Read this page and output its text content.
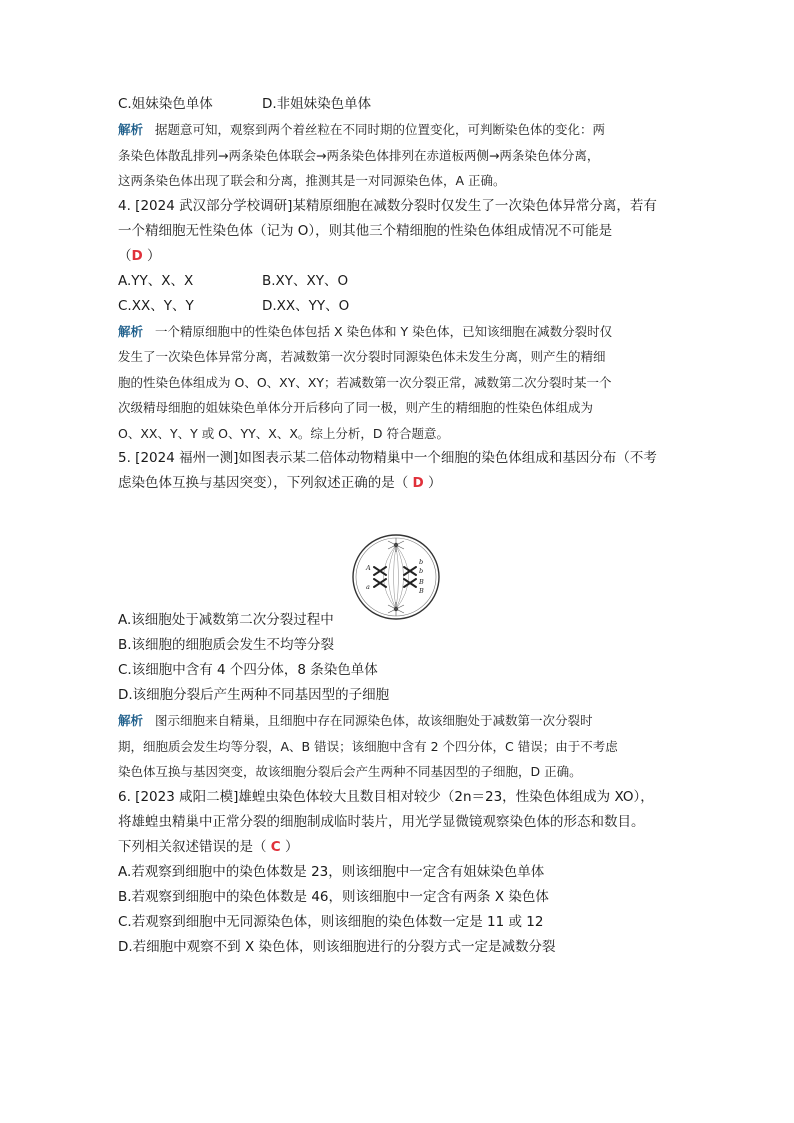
C.姐妹染色单体	D.非姐妹染色单体
解析 据题意可知，观察到两个着丝粒在不同时期的位置变化，可判断染色体的变化：两
条染色体散乱排列→两条染色体联会→两条染色体排列在赤道板两侧→两条染色体分离，
这两条染色体出现了联会和分离，推测其是一对同源染色体，A 正确。
4. [2024 武汉部分学校调研]某精原细胞在减数分裂时仅发生了一次染色体异常分离，若有
一个精细胞无性染色体（记为 O），则其他三个精细胞的性染色体组成情况不可能是
（D ）
A.YY、X、X	B.XY、XY、O
C.XX、Y、Y	D.XX、YY、O
解析 一个精原细胞中的性染色体包括 X 染色体和 Y 染色体，已知该细胞在减数分裂时仅
发生了一次染色体异常分离，若减数第一次分裂时同源染色体未发生分离，则产生的精细
胞的性染色体组成为 O、O、XY、XY；若减数第一次分裂正常，减数第二次分裂时某一个
次级精母细胞的姐妹染色单体分开后移向了同一极，则产生的精细胞的性染色体组成为
O、XX、Y、Y 或 O、YY、X、X。综上分析，D 符合题意。
5. [2024 福州一测]如图表示某二倍体动物精巢中一个细胞的染色体组成和基因分布（不考
虑染色体互换与基因突变），下列叙述正确的是（ D ）
A.该细胞处于减数第二次分裂过程中
B.该细胞的细胞质会发生不均等分裂
C.该细胞中含有 4 个四分体，8 条染色单体
D.该细胞分裂后产生两种不同基因型的子细胞
解析 图示细胞来自精巢，且细胞中存在同源染色体，故该细胞处于减数第一次分裂时
期，细胞质会发生均等分裂，A、B 错误；该细胞中含有 2 个四分体，C 错误；由于不考虑
染色体互换与基因突变，故该细胞分裂后会产生两种不同基因型的子细胞，D 正确。
6. [2023 咸阳二模]雄蝗虫染色体较大且数目相对较少（2n＝23，性染色体组成为 XO），
将雄蝗虫精巢中正常分裂的细胞制成临时装片，用光学显微镜观察染色体的形态和数目。
下列相关叙述错误的是（ C ）
A.若观察到细胞中的染色体数是 23，则该细胞中一定含有姐妹染色单体
B.若观察到细胞中的染色体数是 46，则该细胞中一定含有两条 X 染色体
C.若观察到细胞中无同源染色体，则该细胞的染色体数一定是 11 或 12
D.若细胞中观察不到 X 染色体，则该细胞进行的分裂方式一定是减数分裂
A
a
b
b
B
B
